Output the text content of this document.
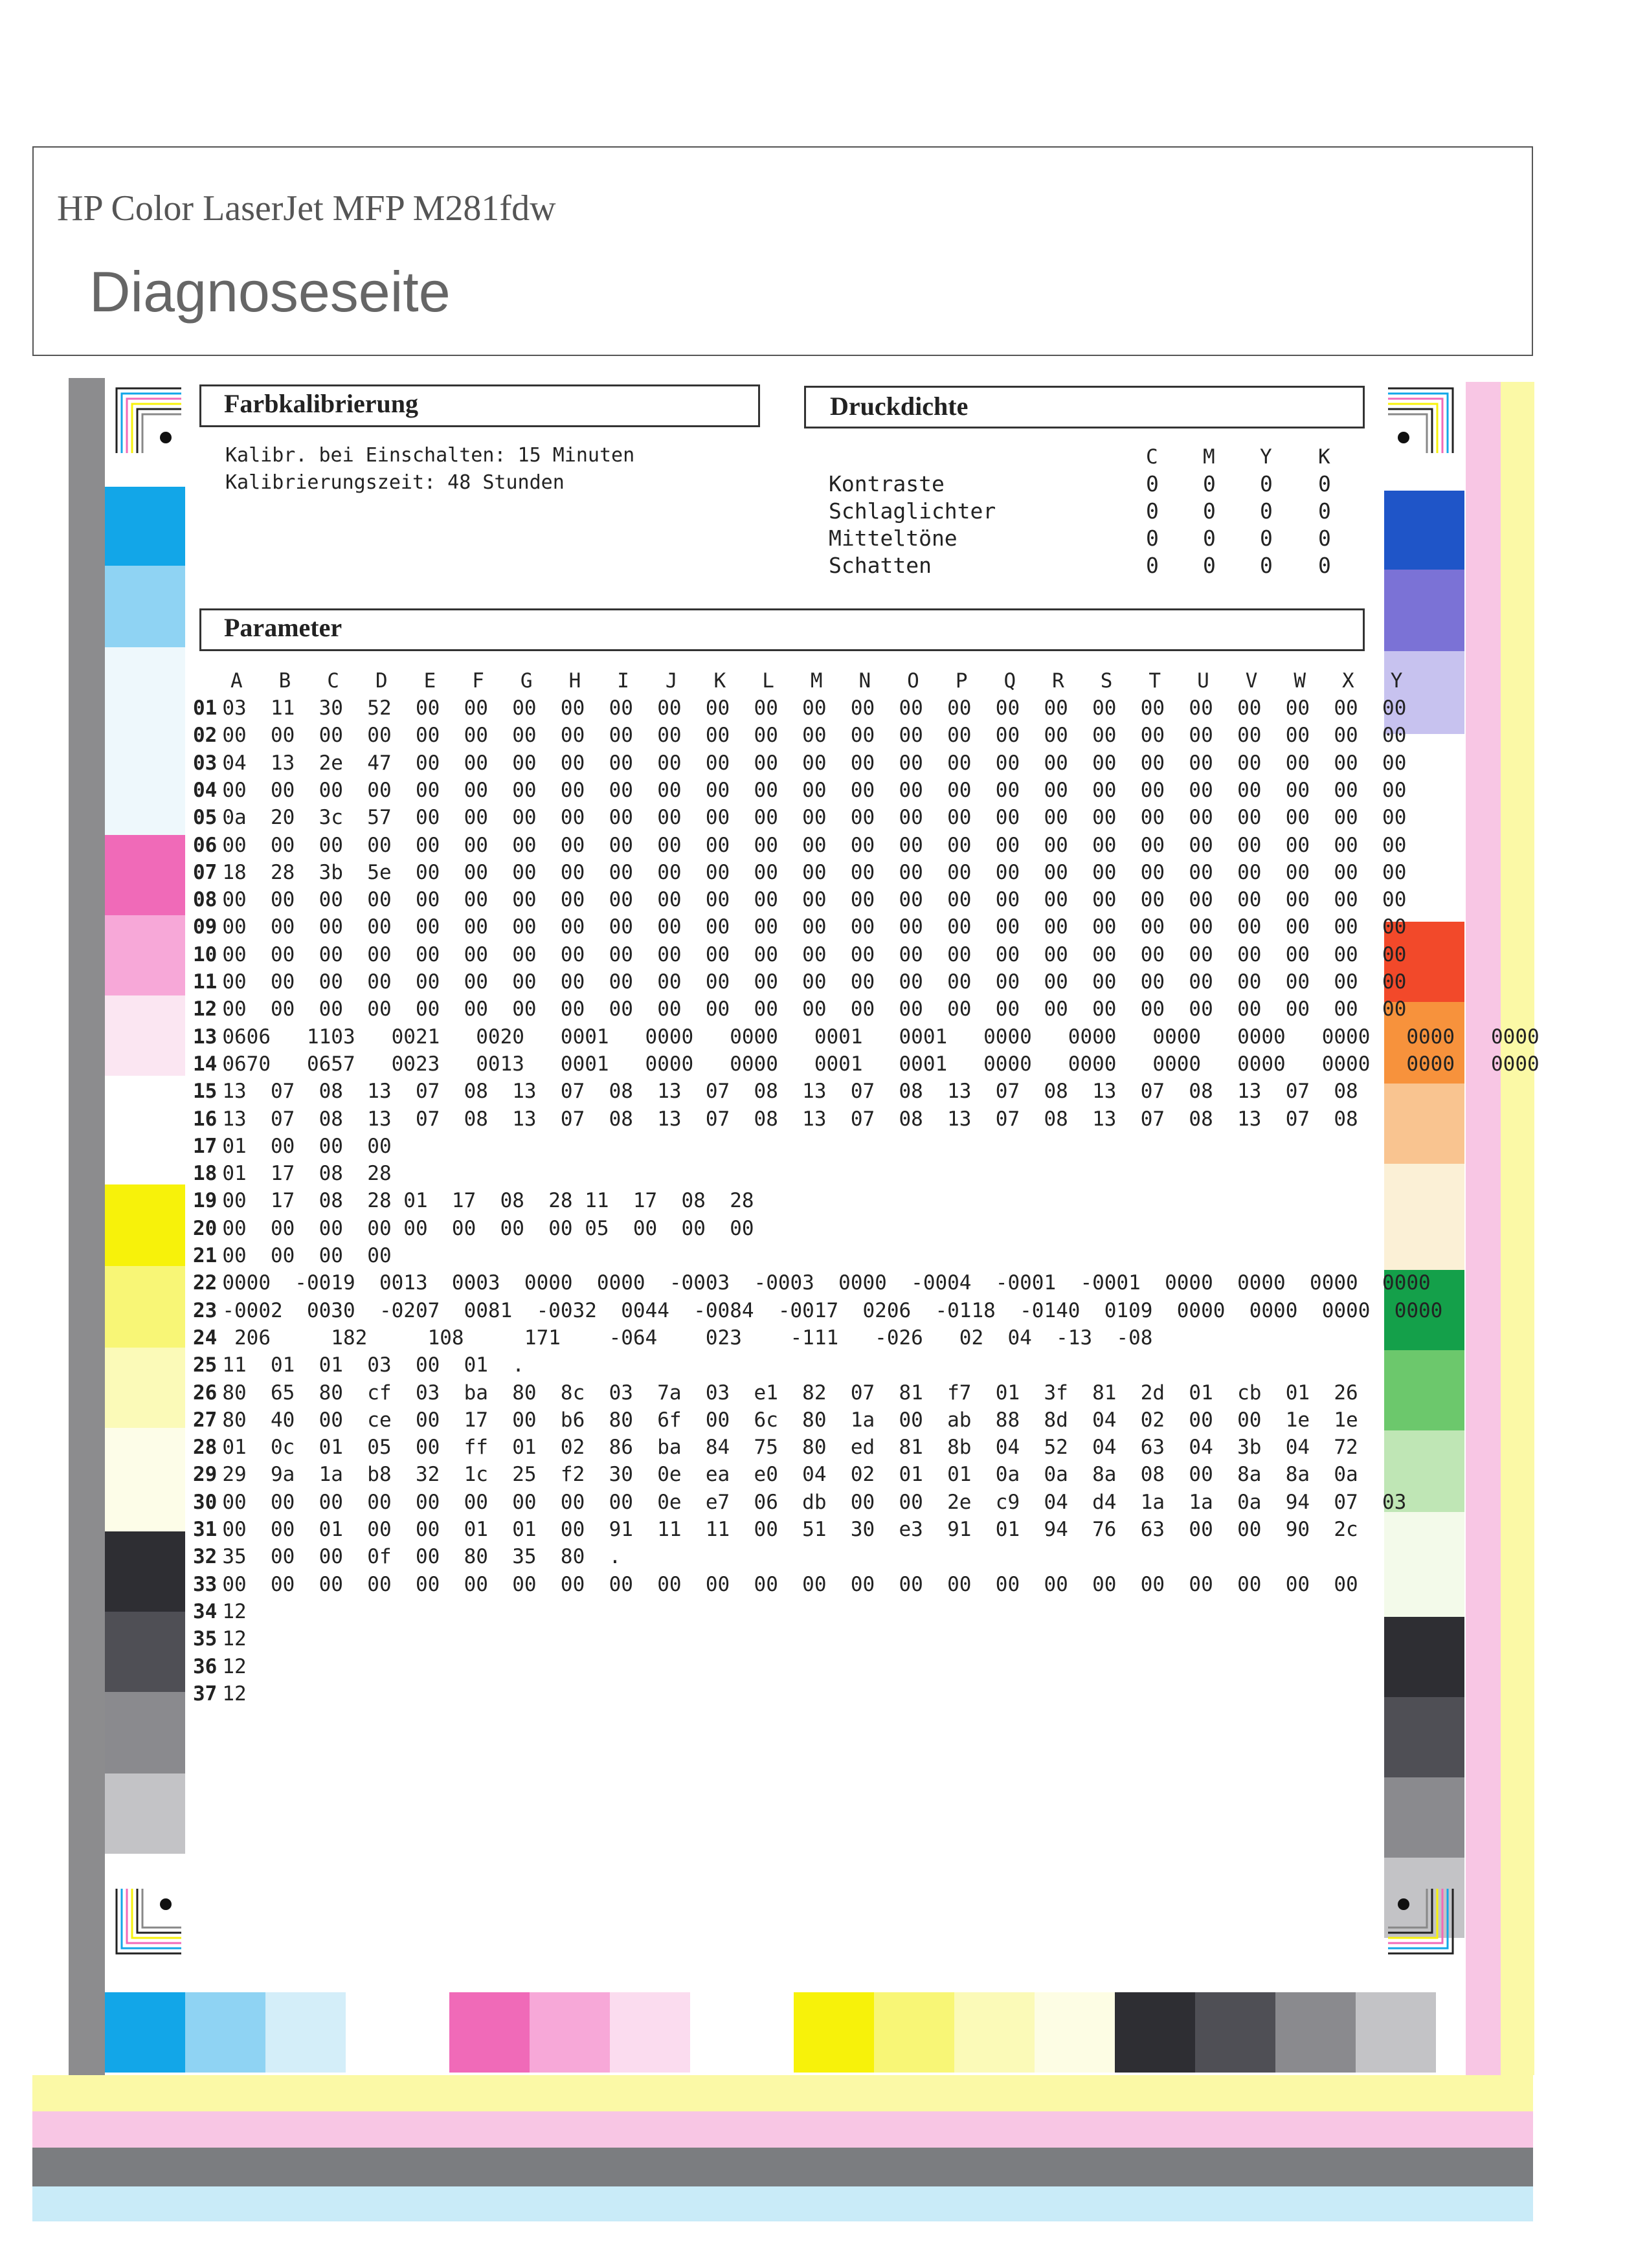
HP Color LaserJet MFP M281fdw
Diagnoseseite
Farbkalibrierung
Kalibr. bei Einschalten: 15 Minuten
Kalibrierungszeit: 48 Stunden
Druckdichte
C M Y K
Kontraste	0 0 0 0
Schlaglichter	0 0 0 0
Mitteltöne	0 0 0 0
Schatten	0 0 0 0
Parameter
A   B   C   D   E   F   G   H   I   J   K   L   M   N   O   P   Q   R   S   T   U   V   W   X   Y
01 03  11  30  52  00  00  00  00  00  00  00  00  00  00  00  00  00  00  00  00  00  00  00  00  00
02 00  00  00  00  00  00  00  00  00  00  00  00  00  00  00  00  00  00  00  00  00  00  00  00  00
03 04  13  2e  47  00  00  00  00  00  00  00  00  00  00  00  00  00  00  00  00  00  00  00  00  00
04 00  00  00  00  00  00  00  00  00  00  00  00  00  00  00  00  00  00  00  00  00  00  00  00  00
05 0a  20  3c  57  00  00  00  00  00  00  00  00  00  00  00  00  00  00  00  00  00  00  00  00  00
06 00  00  00  00  00  00  00  00  00  00  00  00  00  00  00  00  00  00  00  00  00  00  00  00  00
07 18  28  3b  5e  00  00  00  00  00  00  00  00  00  00  00  00  00  00  00  00  00  00  00  00  00
08 00  00  00  00  00  00  00  00  00  00  00  00  00  00  00  00  00  00  00  00  00  00  00  00  00
09 00  00  00  00  00  00  00  00  00  00  00  00  00  00  00  00  00  00  00  00  00  00  00  00  00
10 00  00  00  00  00  00  00  00  00  00  00  00  00  00  00  00  00  00  00  00  00  00  00  00  00
11 00  00  00  00  00  00  00  00  00  00  00  00  00  00  00  00  00  00  00  00  00  00  00  00  00
12 00  00  00  00  00  00  00  00  00  00  00  00  00  00  00  00  00  00  00  00  00  00  00  00  00
13 0606   1103   0021   0020   0001   0000   0000   0001   0001   0000   0000   0000   0000   0000   0000   0000
14 0670   0657   0023   0013   0001   0000   0000   0001   0001   0000   0000   0000   0000   0000   0000   0000
15 13  07  08  13  07  08  13  07  08  13  07  08  13  07  08  13  07  08  13  07  08  13  07  08
16 13  07  08  13  07  08  13  07  08  13  07  08  13  07  08  13  07  08  13  07  08  13  07  08
17 01  00  00  00
18 01  17  08  28
19 00  17  08  28 01  17  08  28 11  17  08  28
20 00  00  00  00 00  00  00  00 05  00  00  00
21 00  00  00  00
22 0000  -0019  0013  0003  0000  0000  -0003  -0003  0000  -0004  -0001  -0001  0000  0000  0000  0000
23 -0002  0030  -0207  0081  -0032  0044  -0084  -0017  0206  -0118  -0140  0109  0000  0000  0000  0000
24 206     182     108     171    -064    023    -111   -026   02  04  -13  -08
25 11  01  01  03  00  01  .
26 80  65  80  cf  03  ba  80  8c  03  7a  03  e1  82  07  81  f7  01  3f  81  2d  01  cb  01  26
27 80  40  00  ce  00  17  00  b6  80  6f  00  6c  80  1a  00  ab  88  8d  04  02  00  00  1e  1e
28 01  0c  01  05  00  ff  01  02  86  ba  84  75  80  ed  81  8b  04  52  04  63  04  3b  04  72
29 29  9a  1a  b8  32  1c  25  f2  30  0e  ea  e0  04  02  01  01  0a  0a  8a  08  00  8a  8a  0a
30 00  00  00  00  00  00  00  00  00  0e  e7  06  db  00  00  2e  c9  04  d4  1a  1a  0a  94  07  03
31 00  00  01  00  00  01  01  00  91  11  11  00  51  30  e3  91  01  94  76  63  00  00  90  2c
32 35  00  00  0f  00  80  35  80  .
33 00  00  00  00  00  00  00  00  00  00  00  00  00  00  00  00  00  00  00  00  00  00  00  00
34 12
35 12
36 12
37 12
